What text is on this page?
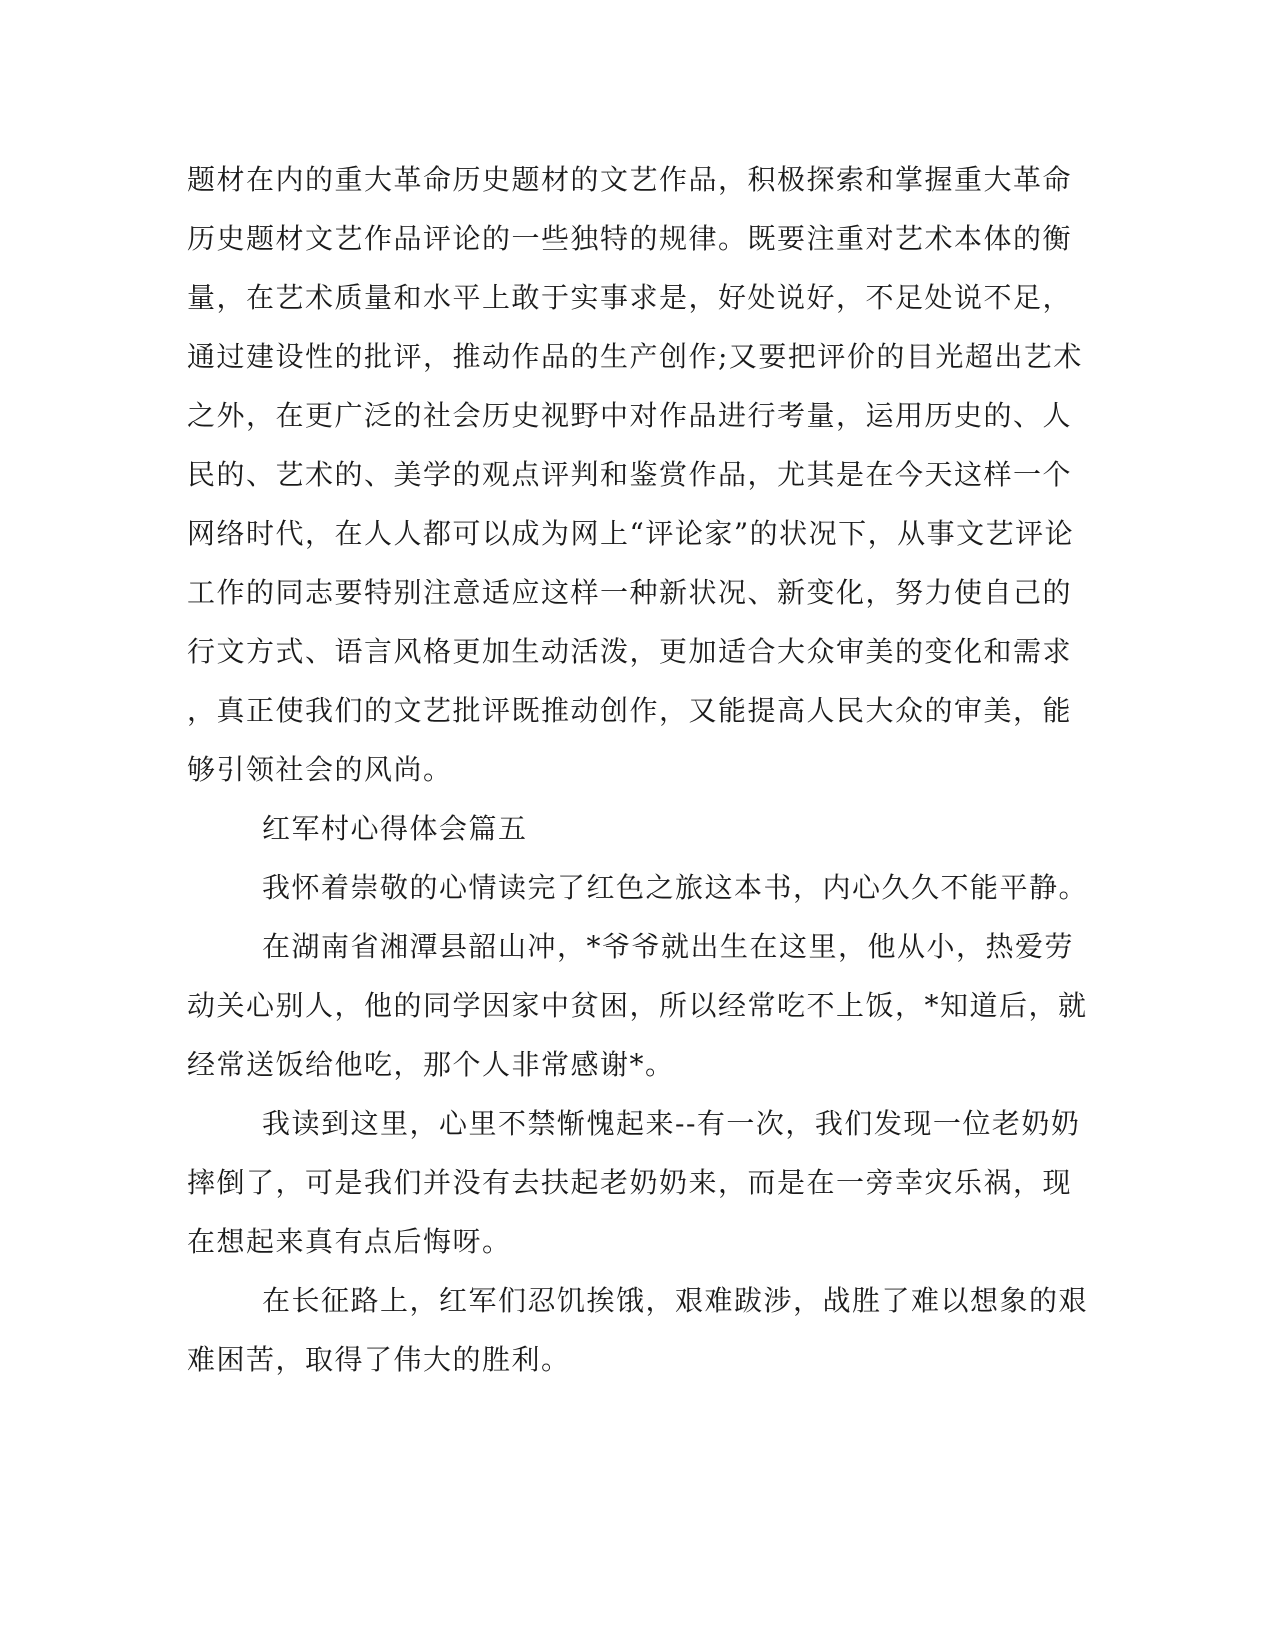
题材在内的重大革命历史题材的文艺作品，积极探索和掌握重大革命
历史题材文艺作品评论的一些独特的规律。既要注重对艺术本体的衡
量，在艺术质量和水平上敢于实事求是，好处说好，不足处说不足，
通过建设性的批评，推动作品的生产创作;又要把评价的目光超出艺术
之外，在更广泛的社会历史视野中对作品进行考量，运用历史的、人
民的、艺术的、美学的观点评判和鉴赏作品，尤其是在今天这样一个
网络时代，在人人都可以成为网上“评论家”的状况下，从事文艺评论
工作的同志要特别注意适应这样一种新状况、新变化，努力使自己的
行文方式、语言风格更加生动活泼，更加适合大众审美的变化和需求
，真正使我们的文艺批评既推动创作，又能提高人民大众的审美，能
够引领社会的风尚。
红军村心得体会篇五
我怀着崇敬的心情读完了红色之旅这本书，内心久久不能平静。
在湖南省湘潭县韶山冲，*爷爷就出生在这里，他从小，热爱劳
动关心别人，他的同学因家中贫困，所以经常吃不上饭，*知道后，就
经常送饭给他吃，那个人非常感谢*。
我读到这里，心里不禁惭愧起来--有一次，我们发现一位老奶奶
摔倒了，可是我们并没有去扶起老奶奶来，而是在一旁幸灾乐祸，现
在想起来真有点后悔呀。
在长征路上，红军们忍饥挨饿，艰难跋涉，战胜了难以想象的艰
难困苦，取得了伟大的胜利。
